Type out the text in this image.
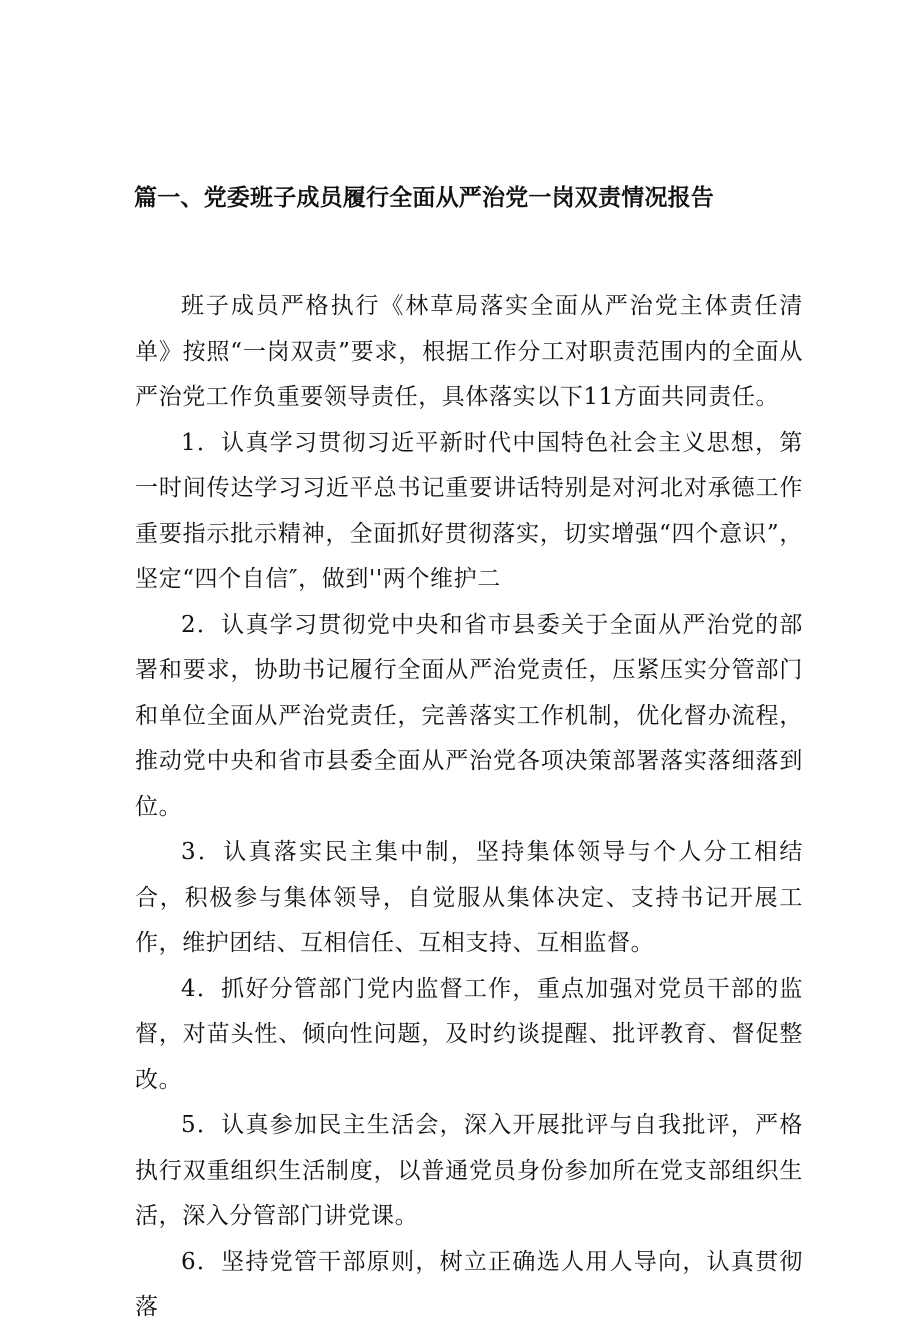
篇一、党委班子成员履行全面从严治党一岗双责情况报告

班子成员严格执行《林草局落实全面从严治党主体责任清单》按照“一岗双责”要求，根据工作分工对职责范围内的全面从严治党工作负重要领导责任，具体落实以下11方面共同责任。

1．认真学习贯彻习近平新时代中国特色社会主义思想，第一时间传达学习习近平总书记重要讲话特别是对河北对承德工作重要指示批示精神，全面抓好贯彻落实，切实增强“四个意识”，坚定“四个自信″，做到''两个维护二

2．认真学习贯彻党中央和省市县委关于全面从严治党的部署和要求，协助书记履行全面从严治党责任，压紧压实分管部门和单位全面从严治党责任，完善落实工作机制，优化督办流程，推动党中央和省市县委全面从严治党各项决策部署落实落细落到位。

3．认真落实民主集中制，坚持集体领导与个人分工相结合，积极参与集体领导，自觉服从集体决定、支持书记开展工作，维护团结、互相信任、互相支持、互相监督。

4．抓好分管部门党内监督工作，重点加强对党员干部的监督，对苗头性、倾向性问题，及时约谈提醒、批评教育、督促整改。

5．认真参加民主生活会，深入开展批评与自我批评，严格执行双重组织生活制度，以普通党员身份参加所在党支部组织生活，深入分管部门讲党课。

6．坚持党管干部原则，树立正确选人用人导向，认真贯彻落
